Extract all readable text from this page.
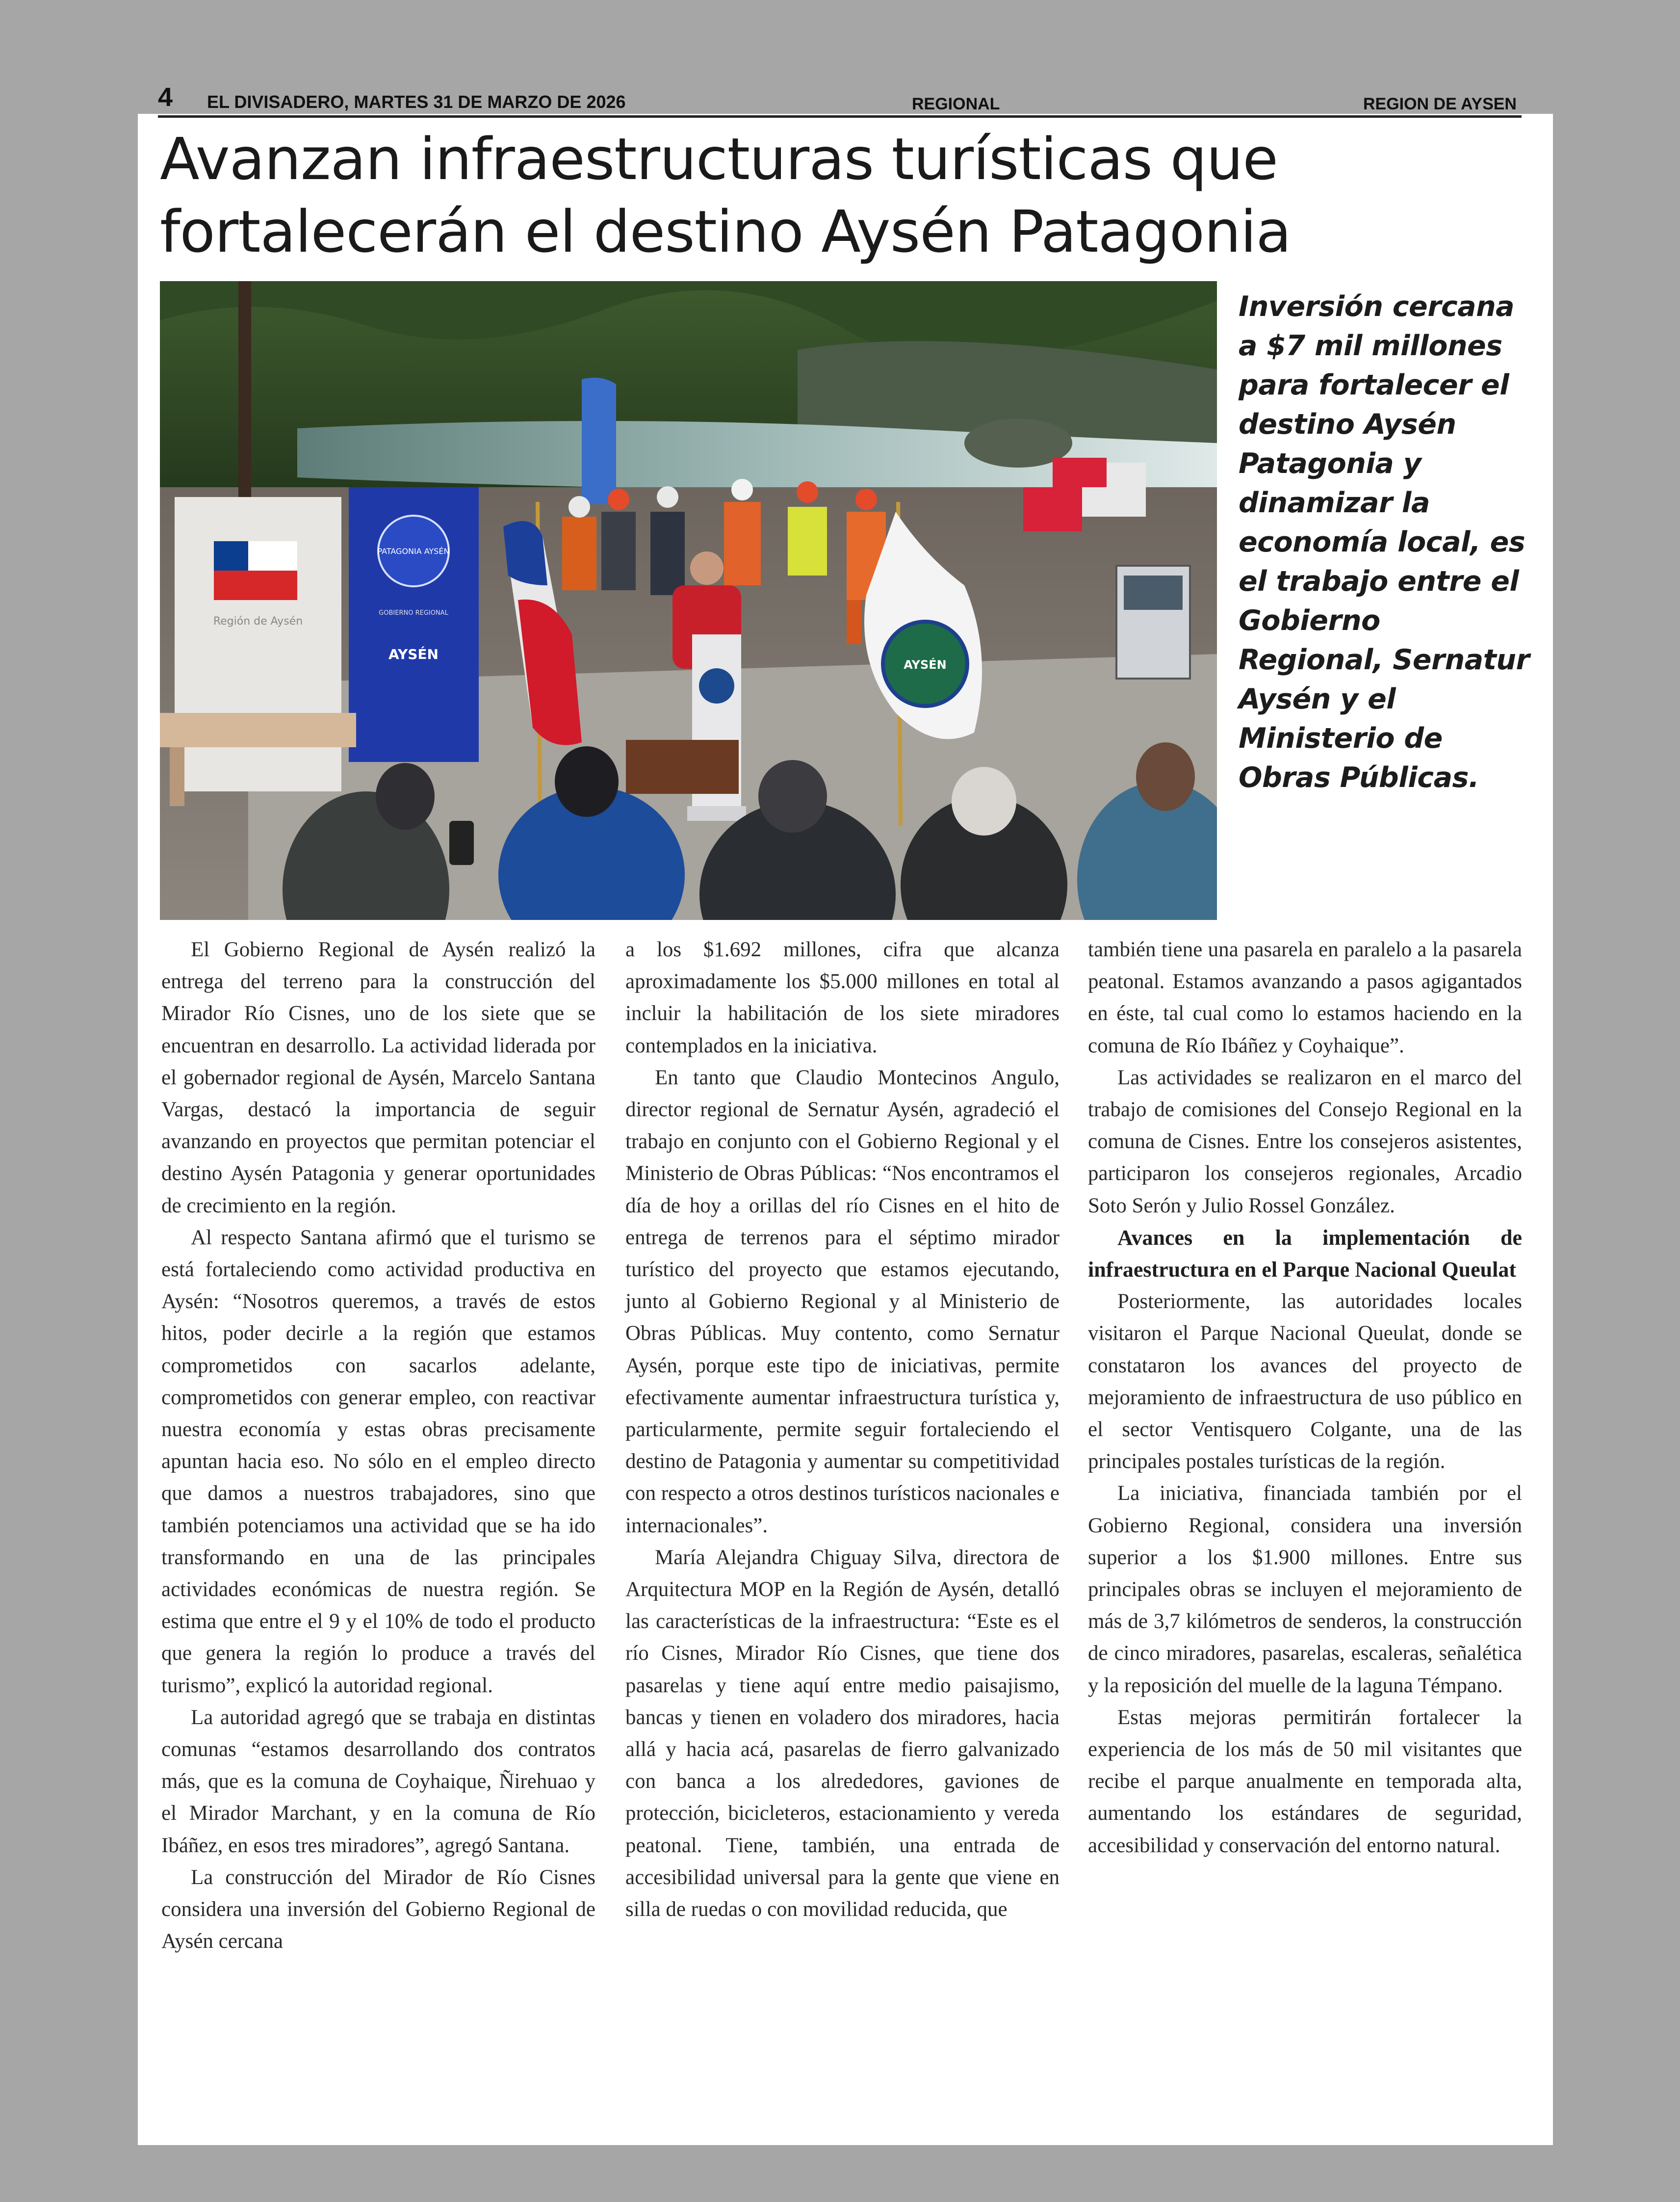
4 EL DIVISADERO, MARTES 31 DE MARZO DE 2026	REGIONAL	REGION DE AYSEN
Avanzan infraestructuras turísticas que fortalecerán el destino Aysén Patagonia
Región de Aysén
PATAGONIA AYSÉN
GOBIERNO REGIONAL
AYSÉN
AYSÉN

Inversión cercana a $7 mil millones para fortalecer el destino Aysén Patagonia y dinamizar la economía local, es el trabajo entre el Gobierno Regional, Sernatur Aysén y el Ministerio de Obras Públicas.

El Gobierno Regional de Aysén realizó la entrega del terreno para la construcción del Mirador Río Cisnes, uno de los siete que se encuentran en desarrollo. La actividad liderada por el gobernador regional de Aysén, Marcelo Santana Vargas, destacó la importancia de seguir avanzando en proyectos que permitan potenciar el destino Aysén Patagonia y generar oportunidades de crecimiento en la región.

Al respecto Santana afirmó que el turismo se está fortaleciendo como actividad productiva en Aysén: “Nosotros queremos, a través de estos hitos, poder decirle a la región que estamos comprometidos con sacarlos adelante, comprometidos con generar empleo, con reactivar nuestra economía y estas obras precisamente apuntan hacia eso. No sólo en el empleo directo que damos a nuestros trabajadores, sino que también potenciamos una actividad que se ha ido transformando en una de las principales actividades económicas de nuestra región. Se estima que entre el 9 y el 10% de todo el producto que genera la región lo produce a través del turismo”, explicó la autoridad regional.

La autoridad agregó que se trabaja en distintas comunas “estamos desarrollando dos contratos más, que es la comuna de Coyhaique, Ñirehuao y el Mirador Marchant, y en la comuna de Río Ibáñez, en esos tres miradores”, agregó Santana.

La construcción del Mirador de Río Cisnes considera una inversión del Gobierno Regional de Aysén cercana

a los $1.692 millones, cifra que alcanza aproximadamente los $5.000 millones en total al incluir la habilitación de los siete miradores contemplados en la iniciativa.

En tanto que Claudio Montecinos Angulo, director regional de Sernatur Aysén, agradeció el trabajo en conjunto con el Gobierno Regional y el Ministerio de Obras Públicas: “Nos encontramos el día de hoy a orillas del río Cisnes en el hito de entrega de terrenos para el séptimo mirador turístico del proyecto que estamos ejecutando, junto al Gobierno Regional y al Ministerio de Obras Públicas. Muy contento, como Sernatur Aysén, porque este tipo de iniciativas, permite efectivamente aumentar infraestructura turística y, particularmente, permite seguir fortaleciendo el destino de Patagonia y aumentar su competitividad con respecto a otros destinos turísticos nacionales e internacionales”.

María Alejandra Chiguay Silva, directora de Arquitectura MOP en la Región de Aysén, detalló las características de la infraestructura: “Este es el río Cisnes, Mirador Río Cisnes, que tiene dos pasarelas y tiene aquí entre medio paisajismo, bancas y tienen en voladero dos miradores, hacia allá y hacia acá, pasarelas de fierro galvanizado con banca a los alrededores, gaviones de protección, bicicleteros, estacionamiento y vereda peatonal. Tiene, también, una entrada de accesibilidad universal para la gente que viene en silla de ruedas o con movilidad reducida, que

también tiene una pasarela en paralelo a la pasarela peatonal. Estamos avanzando a pasos agigantados en éste, tal cual como lo estamos haciendo en la comuna de Río Ibáñez y Coyhaique”.

Las actividades se realizaron en el marco del trabajo de comisiones del Consejo Regional en la comuna de Cisnes. Entre los consejeros asistentes, participaron los consejeros regionales, Arcadio Soto Serón y Julio Rossel González.

Avances en la implementación de infraestructura en el Parque Nacional Queulat

Posteriormente, las autoridades locales visitaron el Parque Nacional Queulat, donde se constataron los avances del proyecto de mejoramiento de infraestructura de uso público en el sector Ventisquero Colgante, una de las principales postales turísticas de la región.

La iniciativa, financiada también por el Gobierno Regional, considera una inversión superior a los $1.900 millones. Entre sus principales obras se incluyen el mejoramiento de más de 3,7 kilómetros de senderos, la construcción de cinco miradores, pasarelas, escaleras, señalética y la reposición del muelle de la laguna Témpano.

Estas mejoras permitirán fortalecer la experiencia de los más de 50 mil visitantes que recibe el parque anualmente en temporada alta, aumentando los estándares de seguridad, accesibilidad y conservación del entorno natural.
